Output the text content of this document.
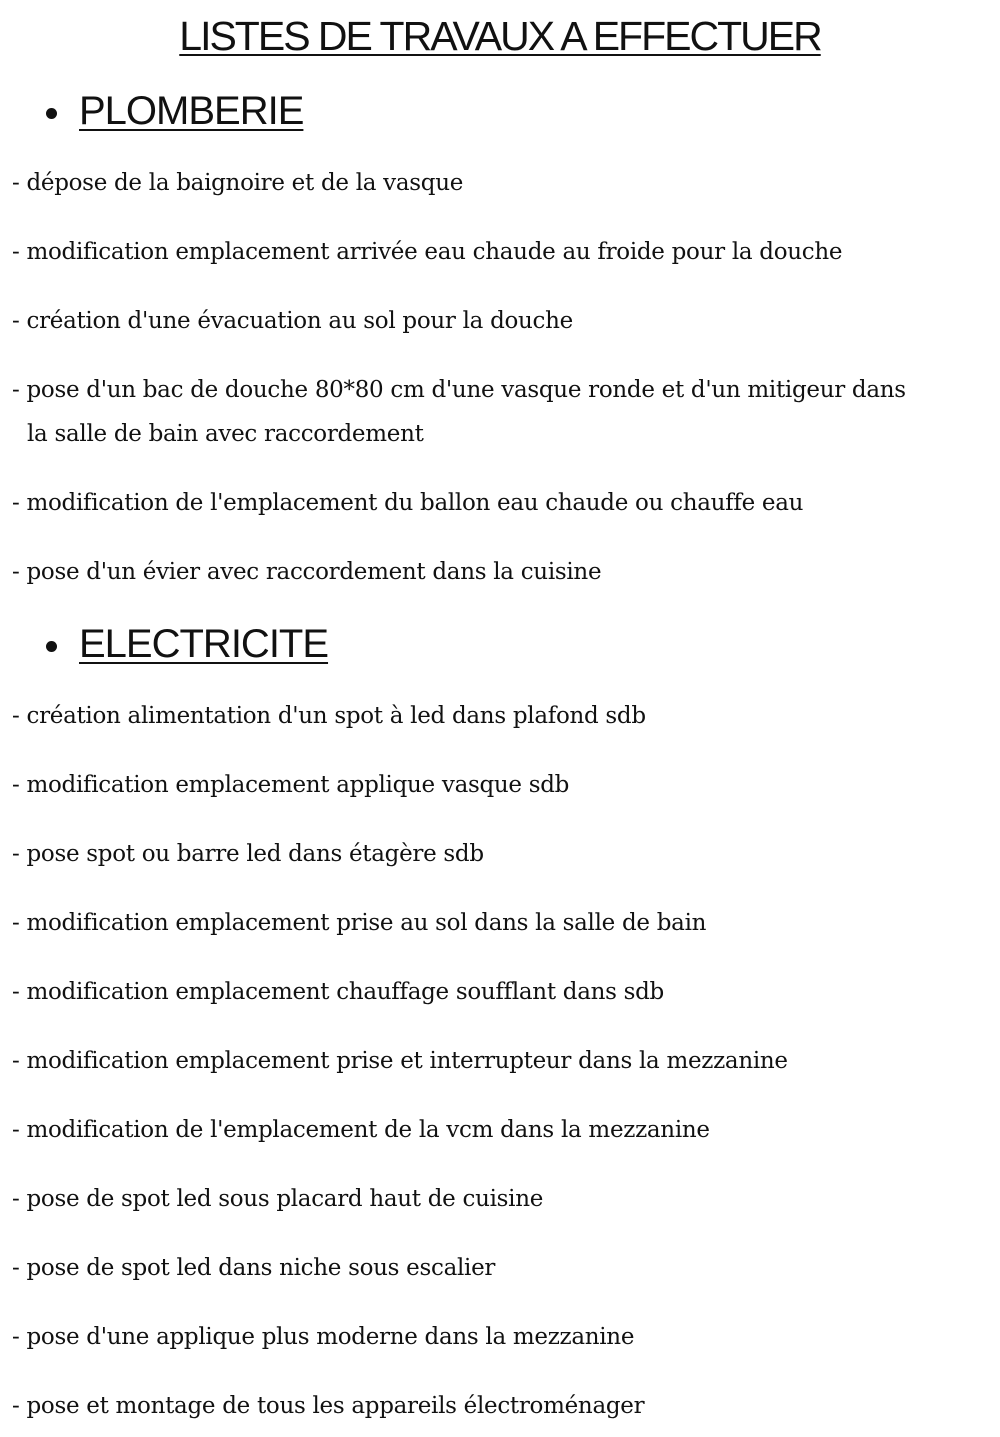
LISTES DE TRAVAUX A EFFECTUER
PLOMBERIE

- dépose de la baignoire et de la vasque

- modification emplacement arrivée eau chaude au froide pour la douche

- création d'une évacuation au sol pour la douche

- pose d'un bac de douche 80*80 cm d'une vasque ronde et d'un mitigeur dans la salle de bain avec raccordement

- modification de l'emplacement du ballon eau chaude ou chauffe eau

- pose d'un évier avec raccordement dans la cuisine

ELECTRICITE

- création alimentation d'un spot à led dans plafond sdb

- modification emplacement applique vasque sdb

- pose spot ou barre led dans étagère sdb

- modification emplacement prise au sol dans la salle de bain

- modification emplacement chauffage soufflant dans sdb

- modification emplacement prise et interrupteur dans la mezzanine

- modification de l'emplacement de la vcm dans la mezzanine

- pose de spot led sous placard haut de cuisine

- pose de spot led dans niche sous escalier

- pose d'une applique plus moderne dans la mezzanine

- pose et montage de tous les appareils électroménager
